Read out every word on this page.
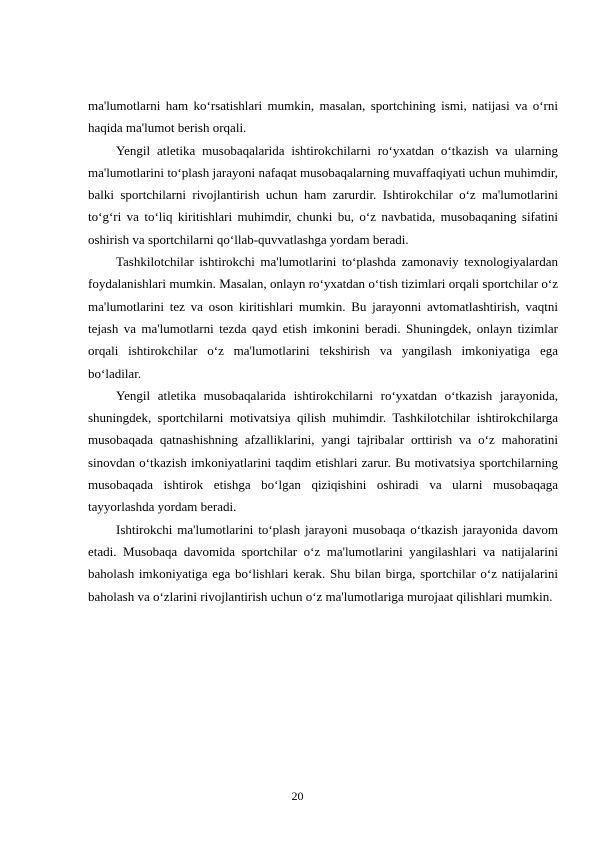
ma'lumotlarni ham ko‘rsatishlari mumkin, masalan, sportchining ismi, natijasi va o‘rni haqida ma'lumot berish orqali.

Yengil atletika musobaqalarida ishtirokchilarni ro‘yxatdan o‘tkazish va ularning ma'lumotlarini to‘plash jarayoni nafaqat musobaqalarning muvaffaqiyati uchun muhimdir, balki sportchilarni rivojlantirish uchun ham zarurdir. Ishtirokchilar o‘z ma'lumotlarini to‘g‘ri va to‘liq kiritishlari muhimdir, chunki bu, o‘z navbatida, musobaqaning sifatini oshirish va sportchilarni qo‘llab-quvvatlashga yordam beradi.

Tashkilotchilar ishtirokchi ma'lumotlarini to‘plashda zamonaviy texnologiyalardan foydalanishlari mumkin. Masalan, onlayn ro‘yxatdan o‘tish tizimlari orqali sportchilar o‘z ma'lumotlarini tez va oson kiritishlari mumkin. Bu jarayonni avtomatlashtirish, vaqtni tejash va ma'lumotlarni tezda qayd etish imkonini beradi. Shuningdek, onlayn tizimlar orqali ishtirokchilar o‘z ma'lumotlarini tekshirish va yangilash imkoniyatiga ega bo‘ladilar.

Yengil atletika musobaqalarida ishtirokchilarni ro‘yxatdan o‘tkazish jarayonida, shuningdek, sportchilarni motivatsiya qilish muhimdir. Tashkilotchilar ishtirokchilarga musobaqada qatnashishning afzalliklarini, yangi tajribalar orttirish va o‘z mahoratini sinovdan o‘tkazish imkoniyatlarini taqdim etishlari zarur. Bu motivatsiya sportchilarning musobaqada ishtirok etishga bo‘lgan qiziqishini oshiradi va ularni musobaqaga tayyorlashda yordam beradi.

Ishtirokchi ma'lumotlarini to‘plash jarayoni musobaqa o‘tkazish jarayonida davom etadi. Musobaqa davomida sportchilar o‘z ma'lumotlarini yangilashlari va natijalarini baholash imkoniyatiga ega bo‘lishlari kerak. Shu bilan birga, sportchilar o‘z natijalarini baholash va o‘zlarini rivojlantirish uchun o‘z ma'lumotlariga murojaat qilishlari mumkin.

20
